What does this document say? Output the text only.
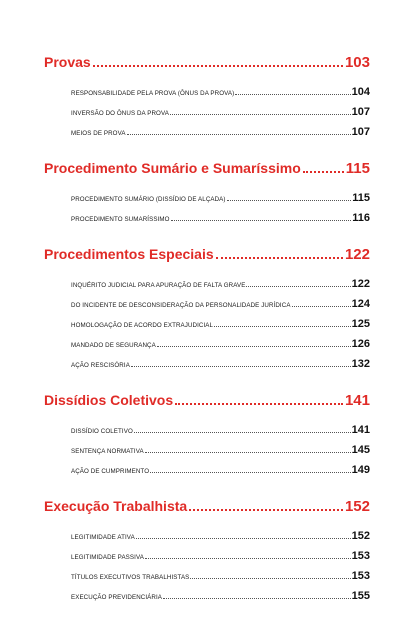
Provas	103
RESPONSABILIDADE PELA PROVA (ÔNUS DA PROVA)	104
INVERSÃO DO ÔNUS DA PROVA	107
MEIOS DE PROVA	107
Procedimento Sumário e Sumaríssimo	115
PROCEDIMENTO SUMÁRIO (DISSÍDIO DE ALÇADA)	115
PROCEDIMENTO SUMARÍSSIMO	116
Procedimentos Especiais	122
INQUÉRITO JUDICIAL PARA APURAÇÃO DE FALTA GRAVE	122
DO INCIDENTE DE DESCONSIDERAÇÃO DA PERSONALIDADE JURÍDICA	124
HOMOLOGAÇÃO DE ACORDO EXTRAJUDICIAL	125
MANDADO DE SEGURANÇA	126
AÇÃO RESCISÓRIA	132
Dissídios Coletivos	141
DISSÍDIO COLETIVO	141
SENTENÇA NORMATIVA	145
AÇÃO DE CUMPRIMENTO	149
Execução Trabalhista	152
LEGITIMIDADE ATIVA	152
LEGITIMIDADE PASSIVA	153
TÍTULOS EXECUTIVOS TRABALHISTAS	153
EXECUÇÃO PREVIDENCIÁRIA	155
